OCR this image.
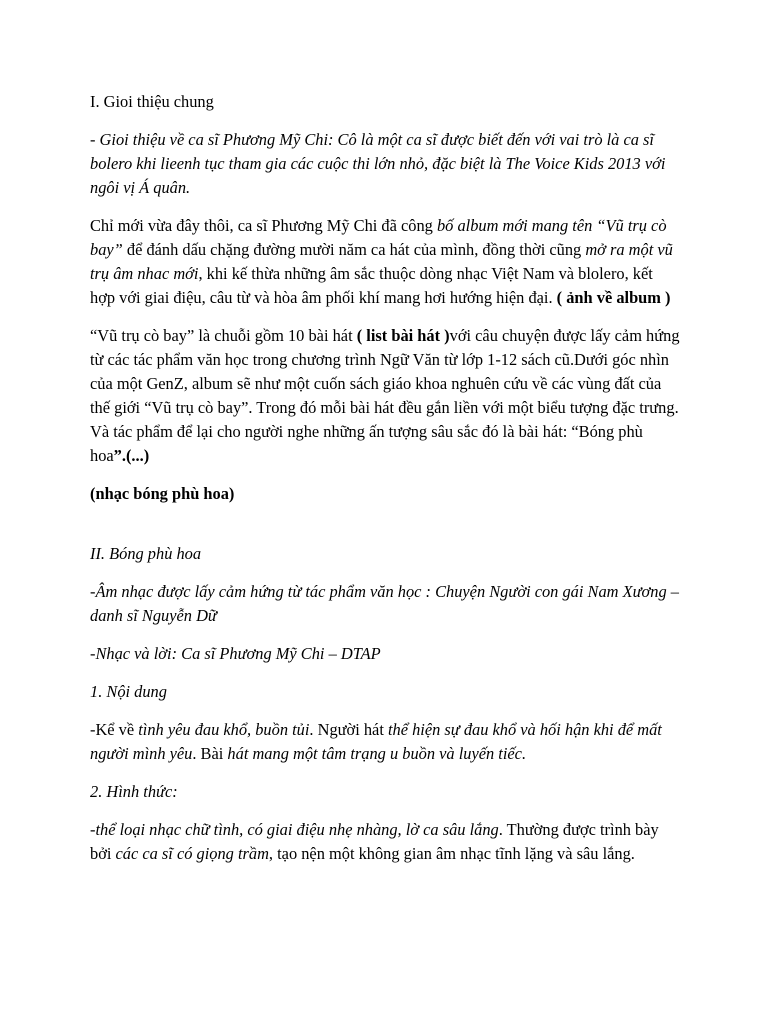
I. Gioi thiệu chung

- Gioi thiệu về ca sĩ Phương Mỹ Chi: Cô là một ca sĩ được biết đến với vai trò là ca sĩ bolero khi lieenh tục tham gia các cuộc thi lớn nhỏ, đặc biệt là The Voice Kids 2013 với ngôi vị Á quân.

Chỉ mới vừa đây thôi, ca sĩ Phương Mỹ Chi đã công bố album mới mang tên “Vũ trụ cò bay” để đánh dấu chặng đường mười năm ca hát của mình, đồng thời cũng mở ra một vũ trụ âm nhac mới, khi kế thừa những âm sắc thuộc dòng nhạc Việt Nam và blolero, kết hợp với giai điệu, câu từ và hòa âm phối khí mang hơi hướng hiện đại. ( ảnh về album )

“Vũ trụ cò bay” là chuỗi gồm 10 bài hát ( list bài hát )với câu chuyện được lấy cảm hứng từ các tác phẩm văn học trong chương trình Ngữ Văn từ lớp 1-12 sách cũ.Dưới góc nhìn của một GenZ, album sẽ như một cuốn sách giáo khoa nghuên cứu về các vùng đất của thế giới “Vũ trụ cò bay”. Trong đó mỗi bài hát đều gắn liền với một biểu tượng đặc trưng. Và tác phẩm để lại cho người nghe những ấn tượng sâu sắc đó là bài hát: “Bóng phù hoa”.(...)

(nhạc bóng phù hoa)

II. Bóng phù hoa

-Âm nhạc được lấy cảm hứng từ tác phẩm văn học : Chuyện Người con gái Nam Xương – danh sĩ Nguyễn Dữ

-Nhạc và lời: Ca sĩ Phương Mỹ Chi – DTAP

1. Nội dung

-Kể về tình yêu đau khổ, buồn tủi. Người hát thể hiện sự đau khổ và hối hận khi để mất người mình yêu. Bài hát mang một tâm trạng u buồn và luyến tiếc.

2. Hình thức:

-thể loại nhạc chữ tình, có giai điệu nhẹ nhàng, lờ ca sâu lắng. Thường được trình bày bởi các ca sĩ có giọng trầm, tạo nện một không gian âm nhạc tĩnh lặng và sâu lắng.
